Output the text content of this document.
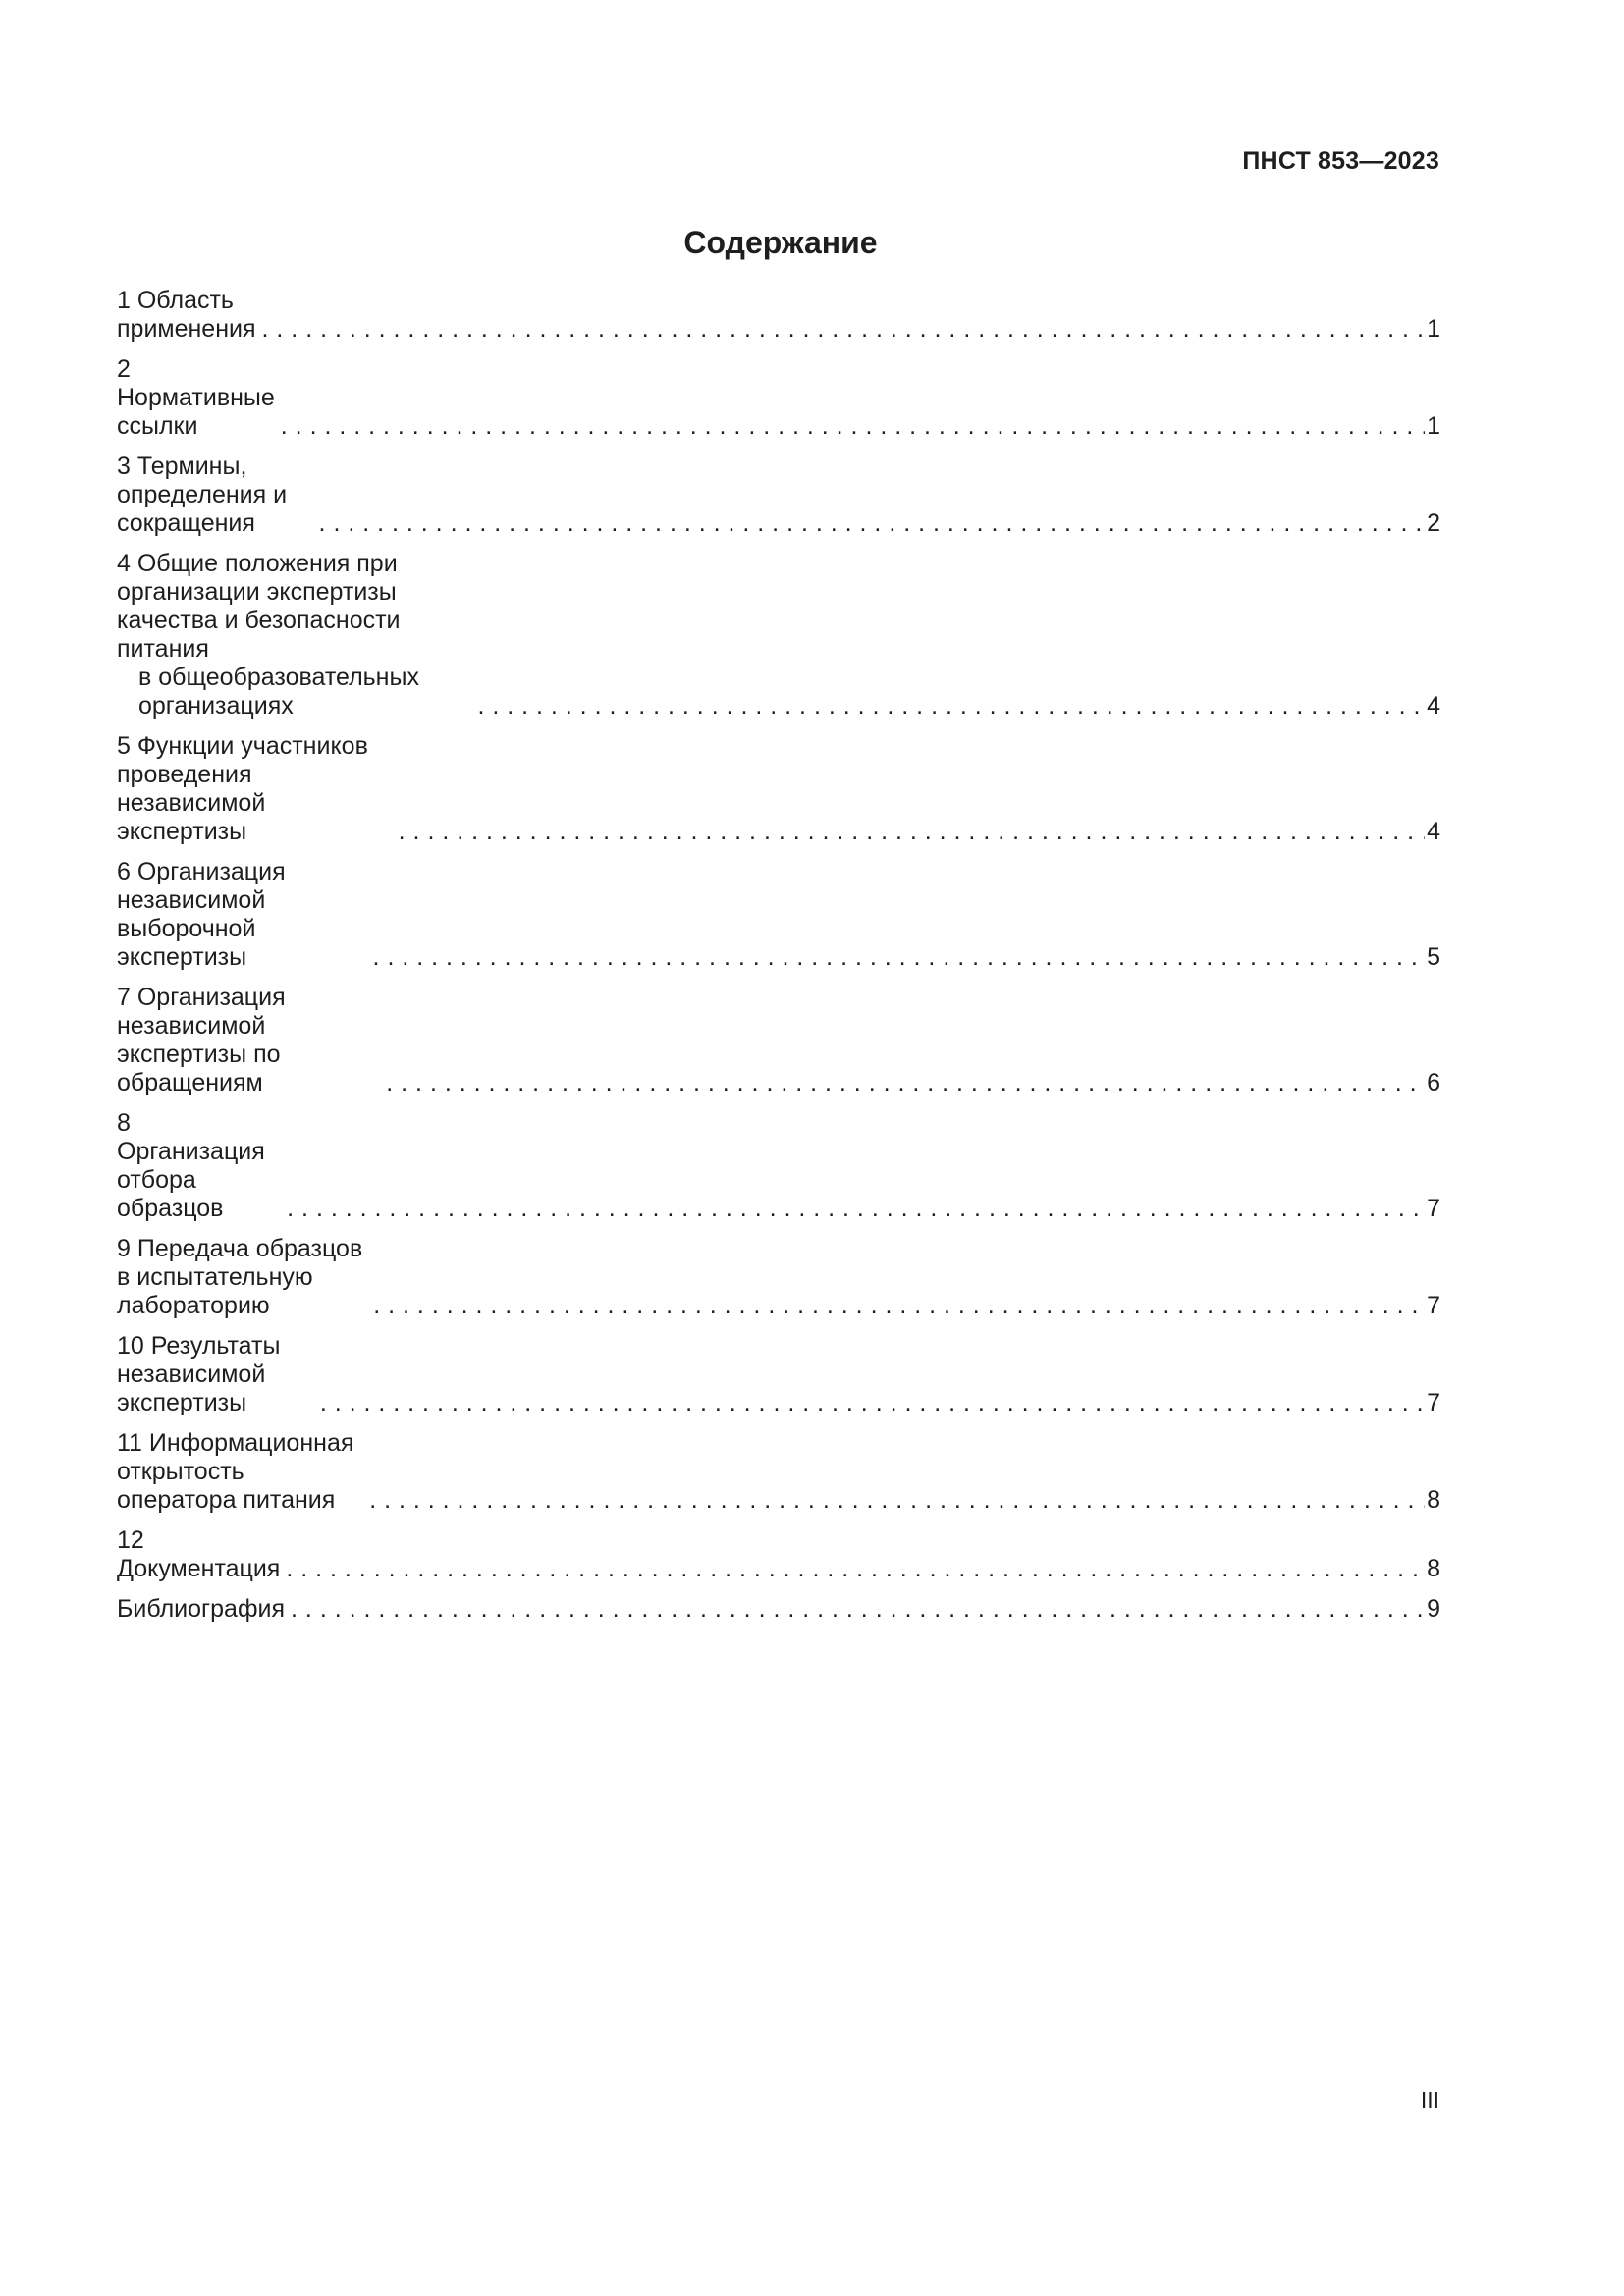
ПНСТ 853—2023
Содержание
1 Область применения . . .	1
2 Нормативные ссылки . . .	1
3 Термины, определения и сокращения . . .	2
4 Общие положения при организации экспертизы качества и безопасности питания
в общеобразовательных организациях . . .	4
5 Функции участников проведения независимой экспертизы . . .	4
6 Организация независимой выборочной экспертизы . . .	5
7 Организация независимой экспертизы по обращениям . . .	6
8 Организация отбора образцов . . .	7
9 Передача образцов в испытательную лабораторию . . .	7
10 Результаты независимой экспертизы . . .	7
11 Информационная открытость оператора питания . . .	8
12 Документация . . .	8
Библиография . . .	9
III
